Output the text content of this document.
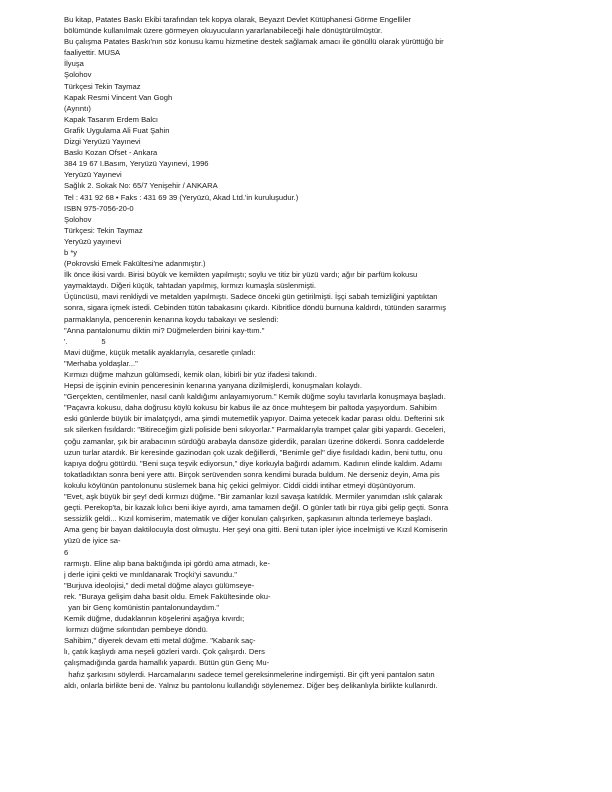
Bu kitap, Patates Baskı Ekibi tarafından tek kopya olarak, Beyazıt Devlet Kütüphanesi Görme Engelliler
bölümünde kullanılmak üzere görmeyen okuyucuların yararlanabileceği hale dönüştürülmüştür.
Bu çalışma Patates Baskı'nın söz konusu kamu hizmetine destek sağlamak amacı ile gönüllü olarak yürüttüğü bir
faaliyettir. MUSA
İlyuşa
Şolohov
Türkçesi Tekin Taymaz
Kapak Resmi Vincent Van Gogh
(Ayrıntı)
Kapak Tasarım Erdem Balcı
Grafik Uygulama Ali Fuat Şahin
Dizgi Yeryüzü Yayınevi
Baskı Kozan Ofset - Ankara
384 19 67 I.Basım, Yeryüzü Yayınevi, 1996
Yeryüzü Yayınevi
Sağlık 2. Sokak No: 65/7 Yenişehir / ANKARA
Tel : 431 92 68 • Faks : 431 69 39 (Yeryüzü, Akad Ltd.'in kuruluşudur.)
ISBN 975-7056-20-0
Şolohov
Türkçesi: Tekin Taymaz
Yeryüzü yayınevi
b *y
(Pokrovski Emek Fakültesi'ne adanmıştır.)
İlk önce ikisi vardı. Birisi büyük ve kemikten yapılmıştı; soylu ve titiz bir yüzü vardı; ağır bir parfüm kokusu
yaymaktaydı. Diğeri küçük, tahtadan yapılmış, kırmızı kumaşla süslenmişti.
Üçüncüsü, mavi renkliydi ve metalden yapılmıştı. Sadece önceki gün getirilmişti. İşçi sabah temizliğini yaptıktan
sonra, sigara içmek istedi. Cebinden tütün tabakasını çıkardı. Kibritlice döndü burnuna kaldırdı, tütünden sararmış
parmaklarıyla, pencerenin kenarına koydu tabakayı ve seslendi:
"Anna pantalonumu diktin mi? Düğmelerden birini kay-ttım."
'.                5
Mavi düğme, küçük metalik ayaklarıyla, cesaretle çınladı:
"Merhaba yoldaşlar..."
Kırmızı düğme mahzun gülümsedi, kemik olan, kibirli bir yüz ifadesi takındı.
Hepsi de işçinin evinin penceresinin kenarına yanyana dizilmişlerdi, konuşmaları kolaydı.
"Gerçekten, centilmenler, nasıl canlı kaldığımı anlayamıyorum." Kemik düğme soylu tavırlarla konuşmaya başladı.
"Paçavra kokusu, daha doğrusu köylü kokusu bir kabus ile az önce muhteşem bir paltoda yaşıyordum. Sahibim
eski günlerde büyük bir imalatçıydı, ama şimdi mutemetlik yapıyor. Daima yetecek kadar parası oldu. Defterini sık
sık silerken fısıldardı: "Bitireceğim gizli poliside beni sıkıyorlar." Parmaklarıyla trampet çalar gibi yapardı. Geceleri,
çoğu zamanlar, şık bir arabacının sürdüğü arabayla dansöze giderdik, paraları üzerine dökerdi. Sonra caddelerde
uzun turlar atardık. Bir keresinde gazinodan çok uzak değillerdi, "Benimle gel" diye fısıldadı kadın, beni tuttu, onu
kapıya doğru götürdü. "Beni suça teşvik ediyorsun," diye korkuyla bağırdı adamım. Kadının elinde kaldım. Adamı
tokatladıktan sonra beni yere attı. Birçok serüvenden sonra kendimi burada buldum. Ne derseniz deyin, Ama pis
kokulu köylünün pantolonunu süslemek bana hiç çekici gelmiyor. Ciddi ciddi intihar etmeyi düşünüyorum.
"Evet, aşk büyük bir şey! dedi kırmızı düğme. "Bir zamanlar kızıl savaşa katıldık. Mermiler yanımdan ıslık çalarak
geçti. Perekop'ta, bir kazak kılıcı beni ikiye ayırdı, ama tamamen değil. O günler tatlı bir rüya gibi gelip geçti. Sonra
sessizlik geldi... Kızıl komiserim, matematik ve diğer konuları çalışırken, şapkasının altında terlemeye başladı.
Ama genç bir bayan daktilocuyla dost olmuştu. Her şeyi ona gitti. Beni tutan ipler iyice incelmişti ve Kızıl Komiserin
yüzü de iyice sa-
6
rarmıştı. Eline alıp bana baktığında ipi gördü ama atmadı, ke-
j derle içini çekti ve mırıldanarak Troçki'yi savundu."
"Burjuva ideolojisi," dedi metal düğme alaycı gülümseye-
rek. "Buraya gelişim daha basit oldu. Emek Fakültesinde oku-
yan bir Genç komünistin pantalonundaydım."
Kemik düğme, dudaklarının köşelerini aşağıya kıvırdı;
kırmızı düğme sıkıntıdan pembeye döndü.
Sahibim," diyerek devam etti metal düğme. "Kabarık saç-
lı, çatık kaşlıydı ama neşeli gözleri vardı. Çok çalışırdı. Ders
çalışmadığında garda hamallık yapardı. Bütün gün Genç Mu-
hafız şarkısını söylerdi. Harcamalarını sadece temel gereksinmelerine indirgemişti. Bir çift yeni pantalon satın
aldı, onlarla birlikte beni de. Yalnız bu pantolonu kullandığı söylenemez. Diğer beş delikanlıyla birlikte kullanırdı.
